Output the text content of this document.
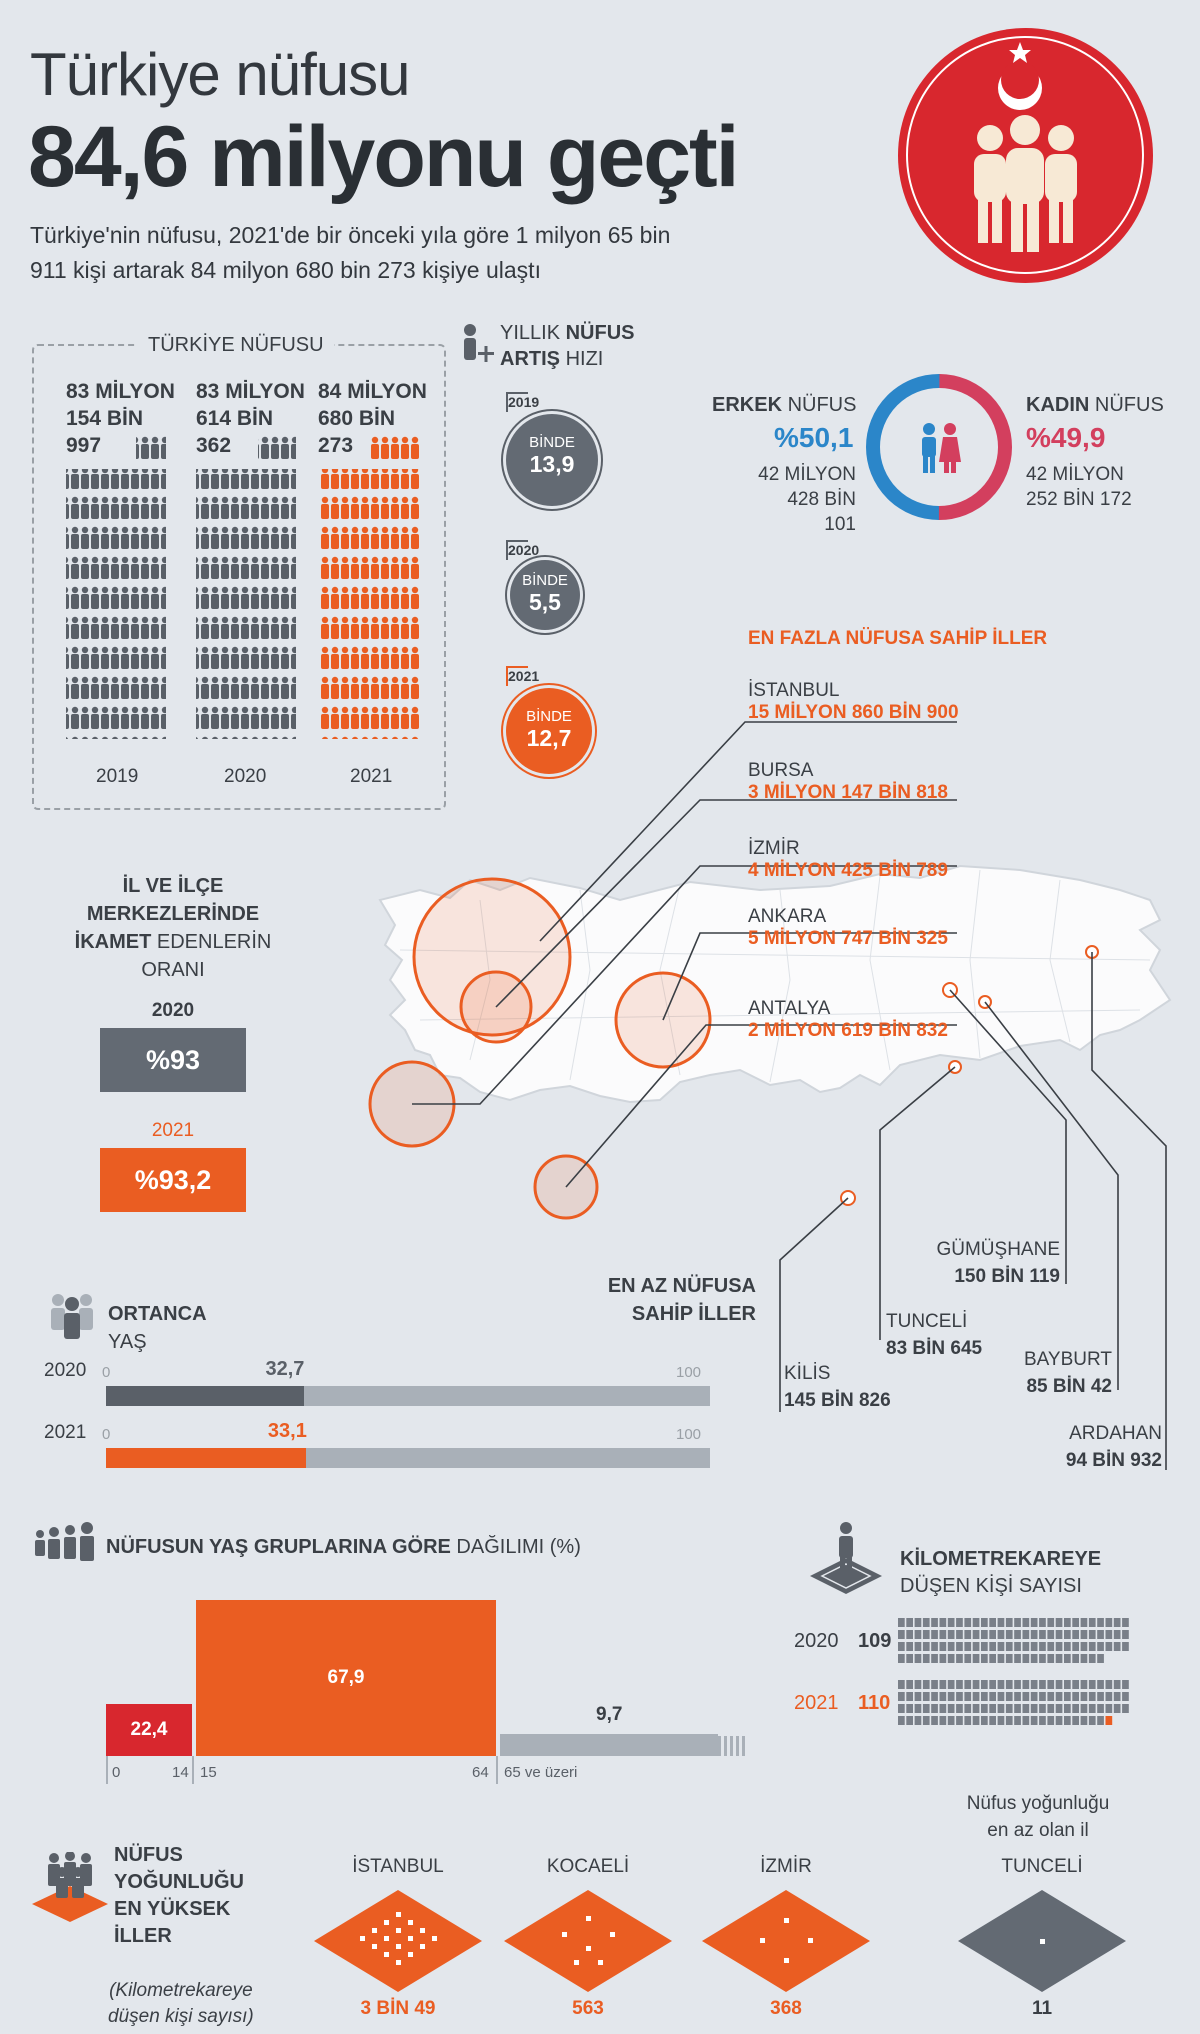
Türkiye nüfusu
84,6 milyonu geçti
Türkiye'nin nüfusu, 2021'de bir önceki yıla göre 1 milyon 65 bin
911 kişi artarak 84 milyon 680 bin 273 kişiye ulaştı
TÜRKİYE NÜFUSU
83 MİLYON
154 BİN
997
83 MİLYON
614 BİN
362
84 MİLYON
680 BİN
273
2019	2020	2021
YILLIK NÜFUS
ARTIŞ HIZI
2019
BİNDE
13,9
2020
BİNDE
5,5
2021
BİNDE
12,7
ERKEK NÜFUS
%50,1
42 MİLYON
428 BİN 101
KADIN NÜFUS
%49,9
42 MİLYON
252 BİN 172
EN FAZLA NÜFUSA SAHİP İLLER
İSTANBUL
15 MİLYON 860 BİN 900
BURSA
3 MİLYON 147 BİN 818
İZMİR
4 MİLYON 425 BİN 789
ANKARA
5 MİLYON 747 BİN 325
ANTALYA
2 MİLYON 619 BİN 832
EN AZ NÜFUSA
SAHİP İLLER
KİLİS
145 BİN 826
TUNCELİ
83 BİN 645
GÜMÜŞHANE
150 BİN 119
BAYBURT
85 BİN 42
ARDAHAN
94 BİN 932
İL VE İLÇE
MERKEZLERİNDE
İKAMET EDENLERİN
ORANI
2020
%93
2021
%93,2
ORTANCA
YAŞ
2020 0	100
32,7
2021 0	100
33,1
NÜFUSUN YAŞ GRUPLARINA GÖRE DAĞILIMI (%)
22,4
67,9
9,7
0	14 15	64 65 ve üzeri
KİLOMETREKAREYE
DÜŞEN KİŞİ SAYISI
2020 109
2021 110
NÜFUS
YOĞUNLUĞU
EN YÜKSEK
İLLER
(Kilometrekareye
düşen kişi sayısı)
Nüfus yoğunluğu
en az olan il
İSTANBUL
3 BİN 49
KOCAELİ
563
İZMİR
368
TUNCELİ
11
